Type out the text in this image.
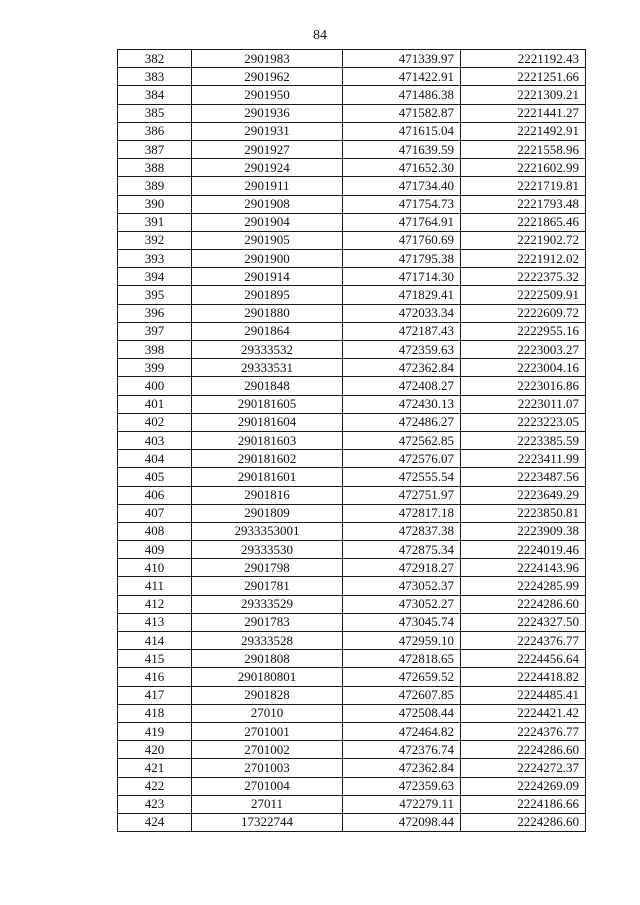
84
382	2901983	471339.97	2221192.43
383	2901962	471422.91	2221251.66
384	2901950	471486.38	2221309.21
385	2901936	471582.87	2221441.27
386	2901931	471615.04	2221492.91
387	2901927	471639.59	2221558.96
388	2901924	471652.30	2221602.99
389	2901911	471734.40	2221719.81
390	2901908	471754.73	2221793.48
391	2901904	471764.91	2221865.46
392	2901905	471760.69	2221902.72
393	2901900	471795.38	2221912.02
394	2901914	471714.30	2222375.32
395	2901895	471829.41	2222509.91
396	2901880	472033.34	2222609.72
397	2901864	472187.43	2222955.16
398	29333532	472359.63	2223003.27
399	29333531	472362.84	2223004.16
400	2901848	472408.27	2223016.86
401	290181605	472430.13	2223011.07
402	290181604	472486.27	2223223.05
403	290181603	472562.85	2223385.59
404	290181602	472576.07	2223411.99
405	290181601	472555.54	2223487.56
406	2901816	472751.97	2223649.29
407	2901809	472817.18	2223850.81
408	2933353001	472837.38	2223909.38
409	29333530	472875.34	2224019.46
410	2901798	472918.27	2224143.96
411	2901781	473052.37	2224285.99
412	29333529	473052.27	2224286.60
413	2901783	473045.74	2224327.50
414	29333528	472959.10	2224376.77
415	2901808	472818.65	2224456.64
416	290180801	472659.52	2224418.82
417	2901828	472607.85	2224485.41
418	27010	472508.44	2224421.42
419	2701001	472464.82	2224376.77
420	2701002	472376.74	2224286.60
421	2701003	472362.84	2224272.37
422	2701004	472359.63	2224269.09
423	27011	472279.11	2224186.66
424	17322744	472098.44	2224286.60
